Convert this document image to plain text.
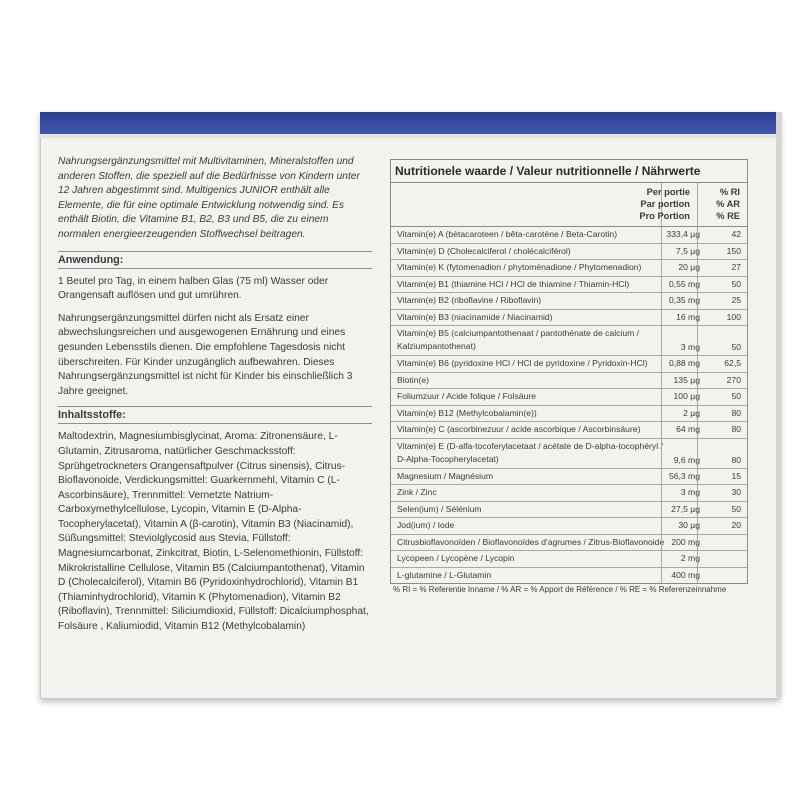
Nahrungsergänzungsmittel mit Multivitaminen, Mineralstoffen und anderen Stoffen, die speziell auf die Bedürfnisse von Kindern unter 12 Jahren abgestimmt sind. Multigenics JUNIOR enthält alle Elemente, die für eine optimale Entwicklung notwendig sind. Es enthält Biotin, die Vitamine B1, B2, B3 und B5, die zu einem normalen energieerzeugenden Stoffwechsel beitragen.

Anwendung:

1 Beutel pro Tag, in einem halben Glas (75 ml) Wasser oder Orangensaft auflösen und gut umrühren.

Nahrungsergänzungsmittel dürfen nicht als Ersatz einer abwechslungsreichen und ausgewogenen Ernährung und eines gesunden Lebensstils dienen. Die empfohlene Tagesdosis nicht überschreiten. Für Kinder unzugänglich aufbewahren. Dieses Nahrungsergänzungsmittel ist nicht für Kinder bis einschließlich 3 Jahre geeignet.

Inhaltsstoffe:

Maltodextrin, Magnesiumbisglycinat, Aroma: Zitronensäure, L-Glutamin, Zitrusaroma, natürlicher Geschmacksstoff: Sprühgetrockneters Orangensaftpulver (Citrus sinensis), Citrus-Bioflavonoide, Verdickungsmittel: Guarkernmehl, Vitamin C (L-Ascorbinsäure), Trennmittel: Vernetzte Natrium-Carboxymethylcellulose, Lycopin, Vitamin E (D-Alpha-Tocopherylacetat), Vitamin A (β-carotin), Vitamin B3 (Niacinamid), Süßungsmittel: Steviolglycosid aus Stevia, Füllstoff: Magnesiumcarbonat, Zinkcitrat, Biotin, L-Selenomethionin, Füllstoff: Mikrokristalline Cellulose, Vitamin B5 (Calciumpantothenat), Vitamin D (Cholecalciferol), Vitamin B6 (Pyridoxinhydrochlorid), Vitamin B1 (Thiaminhydrochlorid), Vitamin K (Phytomenadion), Vitamin B2 (Riboflavin), Trennmittel: Siliciumdioxid, Füllstoff: Dicalciumphosphat, Folsäure , Kaliumiodid, Vitamin B12 (Methylcobalamin)

Nutritionele waarde / Valeur nutritionnelle / Nährwerte
Per portie
Par portion
Pro Portion
% RI
% AR
% RE
Vitamin(e) A (bètacaroteen / bêta-carotène / Beta-Carotin)	333,4 µg	42
Vitamin(e) D (Cholecalciferol / cholécalciférol)	7,5 µg	150
Vitamin(e) K (fytomenadion / phytoménadione / Phytomenadion)	20 µg	27
Vitamin(e) B1 (thiamine HCl / HCl de thiamine / Thiamin-HCl)	0,55 mg	50
Vitamin(e) B2 (riboflavine / Riboflavin)	0,35 mg	25
Vitamin(e) B3 (niacinamide / Niacinamid)	16 mg	100
Vitamin(e) B5 (calciumpantothenaat / pantothénate de calcium / Kalziumpantothenat)	3 mg	50
Vitamin(e) B6 (pyridoxine HCl / HCl de pyridoxine / Pyridoxin-HCl)	0,88 mg	62,5
Biotin(e)	135 µg	270
Foliumzuur / Acide folique / Folsäure	100 µg	50
Vitamin(e) B12 (Methylcobalamin(e))	2 µg	80
Vitamin(e) C (ascorbinezuur / acide ascorbique / Ascorbinsäure)	64 mg	80
Vitamin(e) E (D-alfa-tocoferylacetaat / acétate de D-alpha-tocophéryl / D-Alpha-Tocopherylacetat)	9,6 mg	80
Magnesium / Magnésium	56,3 mg	15
Zink / Zinc	3 mg	30
Selen(ium) / Sélénium	27,5 µg	50
Jod(ium) / Iode	30 µg	20
Citrusbioflavonoïden / Bioflavonoïdes d'agrumes / Zitrus-Bioflavonoide 200 mg
Lycopeen / Lycopène / Lycopin	2 mg
L-glutamine / L-Glutamin	400 mg
% RI = % Referentie Inname / % AR = % Apport de Référence / % RE = % Referenzeinnahme
